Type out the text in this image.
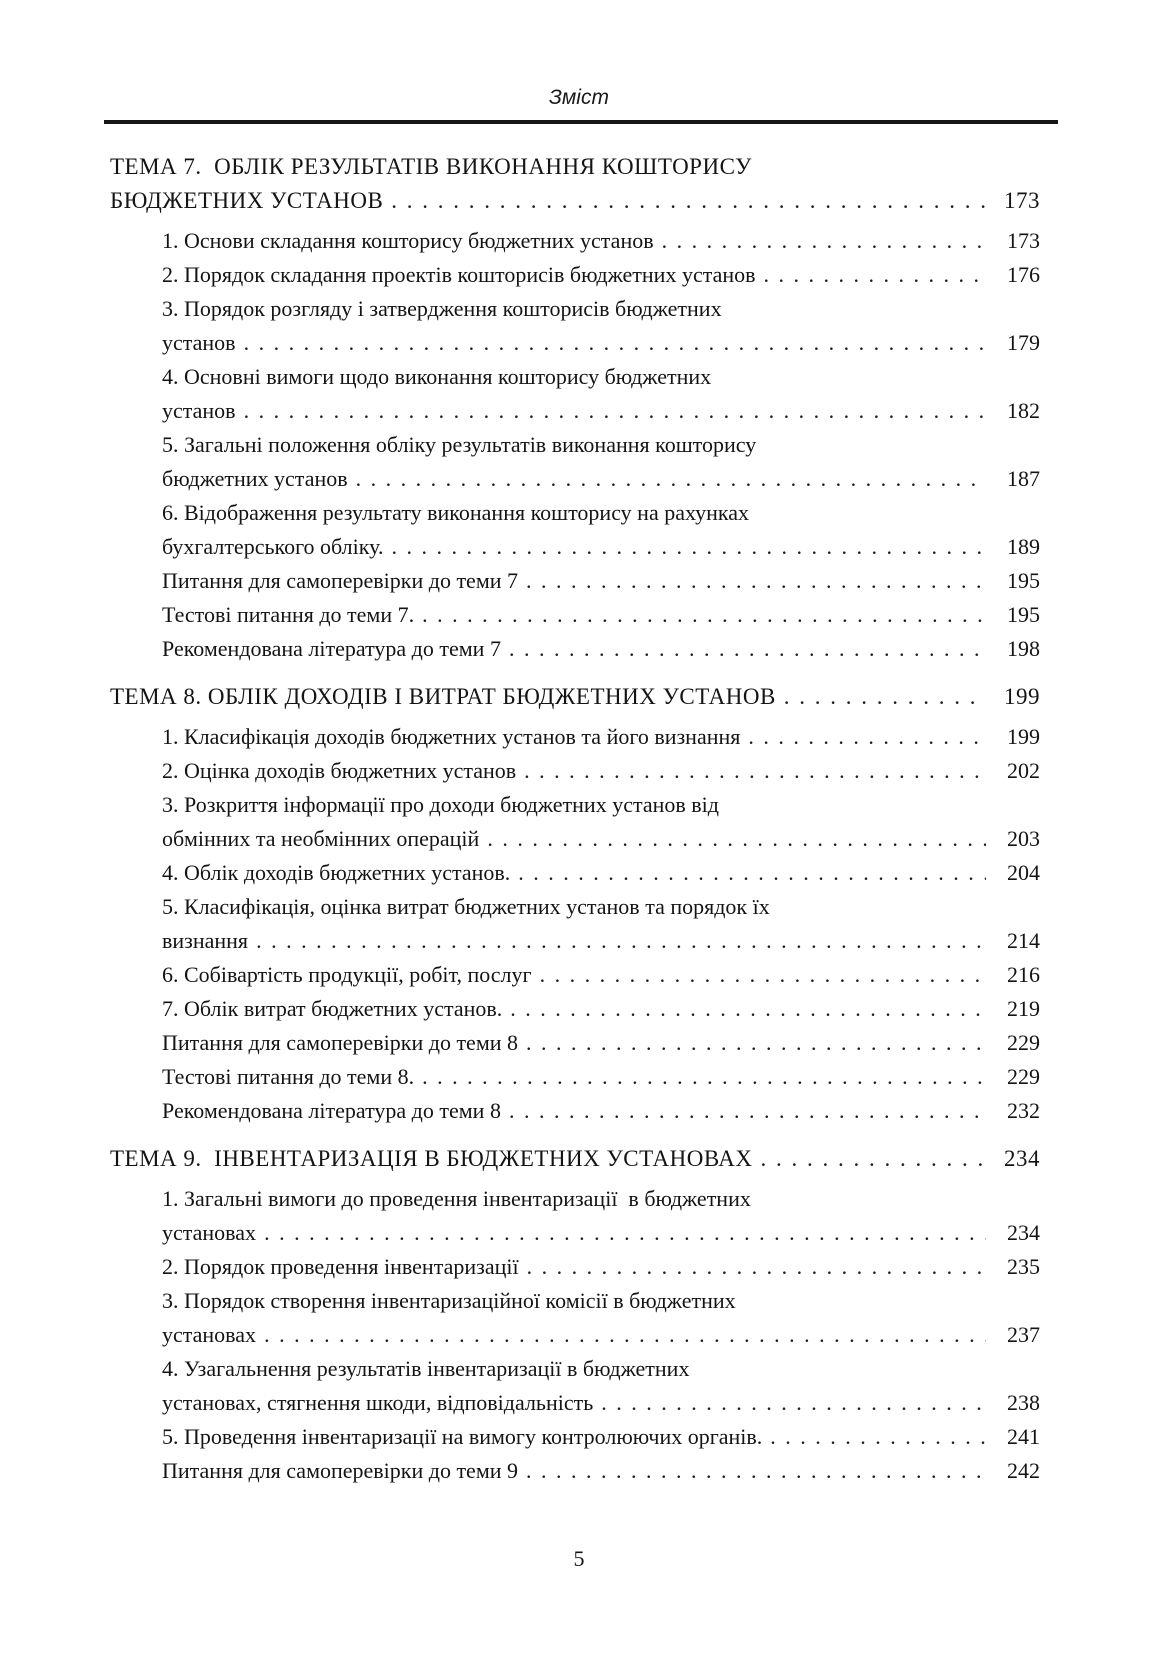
Зміст
ТЕМА 7.  ОБЛІК РЕЗУЛЬТАТІВ ВИКОНАННЯ КОШТОРИСУ
БЮДЖЕТНИХ УСТАНОВ . . .	173
1. Основи складання кошторису бюджетних установ . . .	173
2. Порядок складання проектів кошторисів бюджетних установ . . .	176
3. Порядок розгляду і затвердження кошторисів бюджетних
установ . . .	179
4. Основні вимоги щодо виконання кошторису бюджетних
установ . . .	182
5. Загальні положення обліку результатів виконання кошторису
бюджетних установ . . .	187
6. Відображення результату виконання кошторису на рахунках
бухгалтерського обліку. . . .	189
Питання для самоперевірки до теми 7 . . .	195
Тестові питання до теми 7. . . .	195
Рекомендована література до теми 7 . . .	198
ТЕМА 8. ОБЛІК ДОХОДІВ І ВИТРАТ БЮДЖЕТНИХ УСТАНОВ . . .	199
1. Класифікація доходів бюджетних установ та його визнання . . .	199
2. Оцінка доходів бюджетних установ . . .	202
3. Розкриття інформації про доходи бюджетних установ від
обмінних та необмінних операцій . . .	203
4. Облік доходів бюджетних установ. . . .	204
5. Класифікація, оцінка витрат бюджетних установ та порядок їх
визнання . . .	214
6. Собівартість продукції, робіт, послуг . . .	216
7. Облік витрат бюджетних установ. . . .	219
Питання для самоперевірки до теми 8 . . .	229
Тестові питання до теми 8. . . .	229
Рекомендована література до теми 8 . . .	232
ТЕМА 9.  ІНВЕНТАРИЗАЦІЯ В БЮДЖЕТНИХ УСТАНОВАХ . . .	234
1. Загальні вимоги до проведення інвентаризації  в бюджетних
установах . . .	234
2. Порядок проведення інвентаризації . . .	235
3. Порядок створення інвентаризаційної комісії в бюджетних
установах . . .	237
4. Узагальнення результатів інвентаризації в бюджетних
установах, стягнення шкоди, відповідальність . . .	238
5. Проведення інвентаризації на вимогу контролюючих органів. . . .	241
Питання для самоперевірки до теми 9 . . .	242
5
